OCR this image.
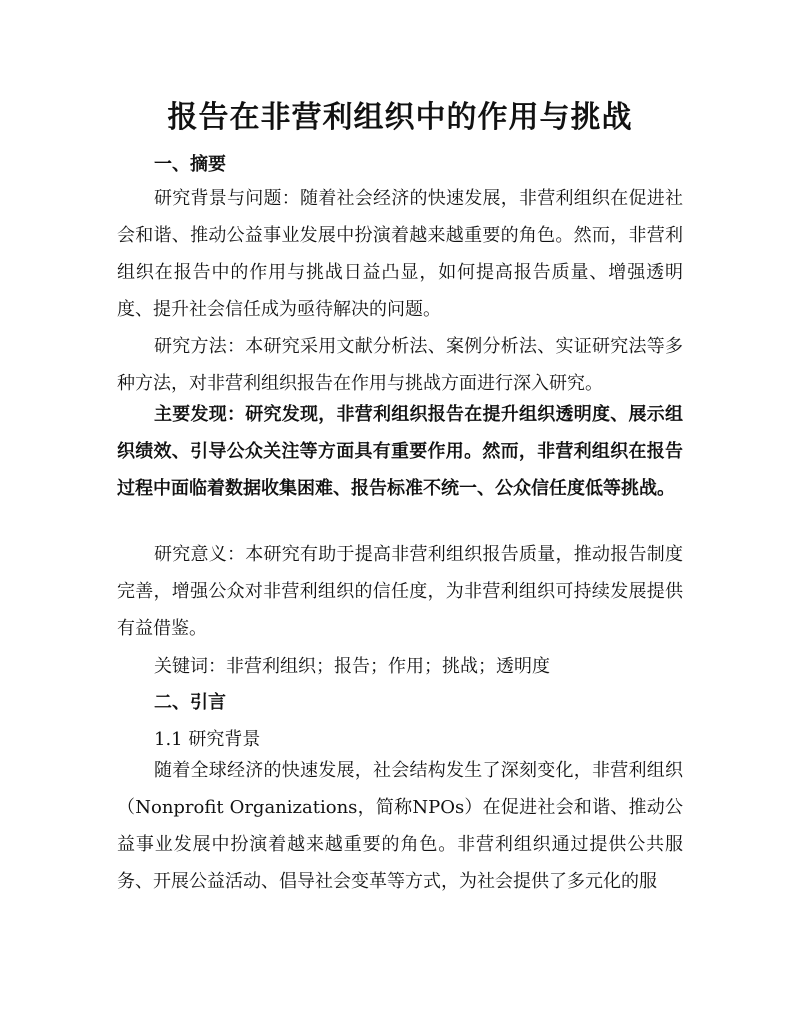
报告在非营利组织中的作用与挑战
一、摘要

研究背景与问题：随着社会经济的快速发展，非营利组织在促进社会和谐、推动公益事业发展中扮演着越来越重要的角色。然而，非营利组织在报告中的作用与挑战日益凸显，如何提高报告质量、增强透明度、提升社会信任成为亟待解决的问题。

研究方法：本研究采用文献分析法、案例分析法、实证研究法等多种方法，对非营利组织报告在作用与挑战方面进行深入研究。

主要发现：研究发现，非营利组织报告在提升组织透明度、展示组织绩效、引导公众关注等方面具有重要作用。然而，非营利组织在报告过程中面临着数据收集困难、报告标准不统一、公众信任度低等挑战。

研究意义：本研究有助于提高非营利组织报告质量，推动报告制度完善，增强公众对非营利组织的信任度，为非营利组织可持续发展提供有益借鉴。

关键词：非营利组织；报告；作用；挑战；透明度
二、引言
1.1 研究背景

随着全球经济的快速发展，社会结构发生了深刻变化，非营利组织（Nonprofit Organizations，简称NPOs）在促进社会和谐、推动公益事业发展中扮演着越来越重要的角色。非营利组织通过提供公共服务、开展公益活动、倡导社会变革等方式，为社会提供了多元化的服
